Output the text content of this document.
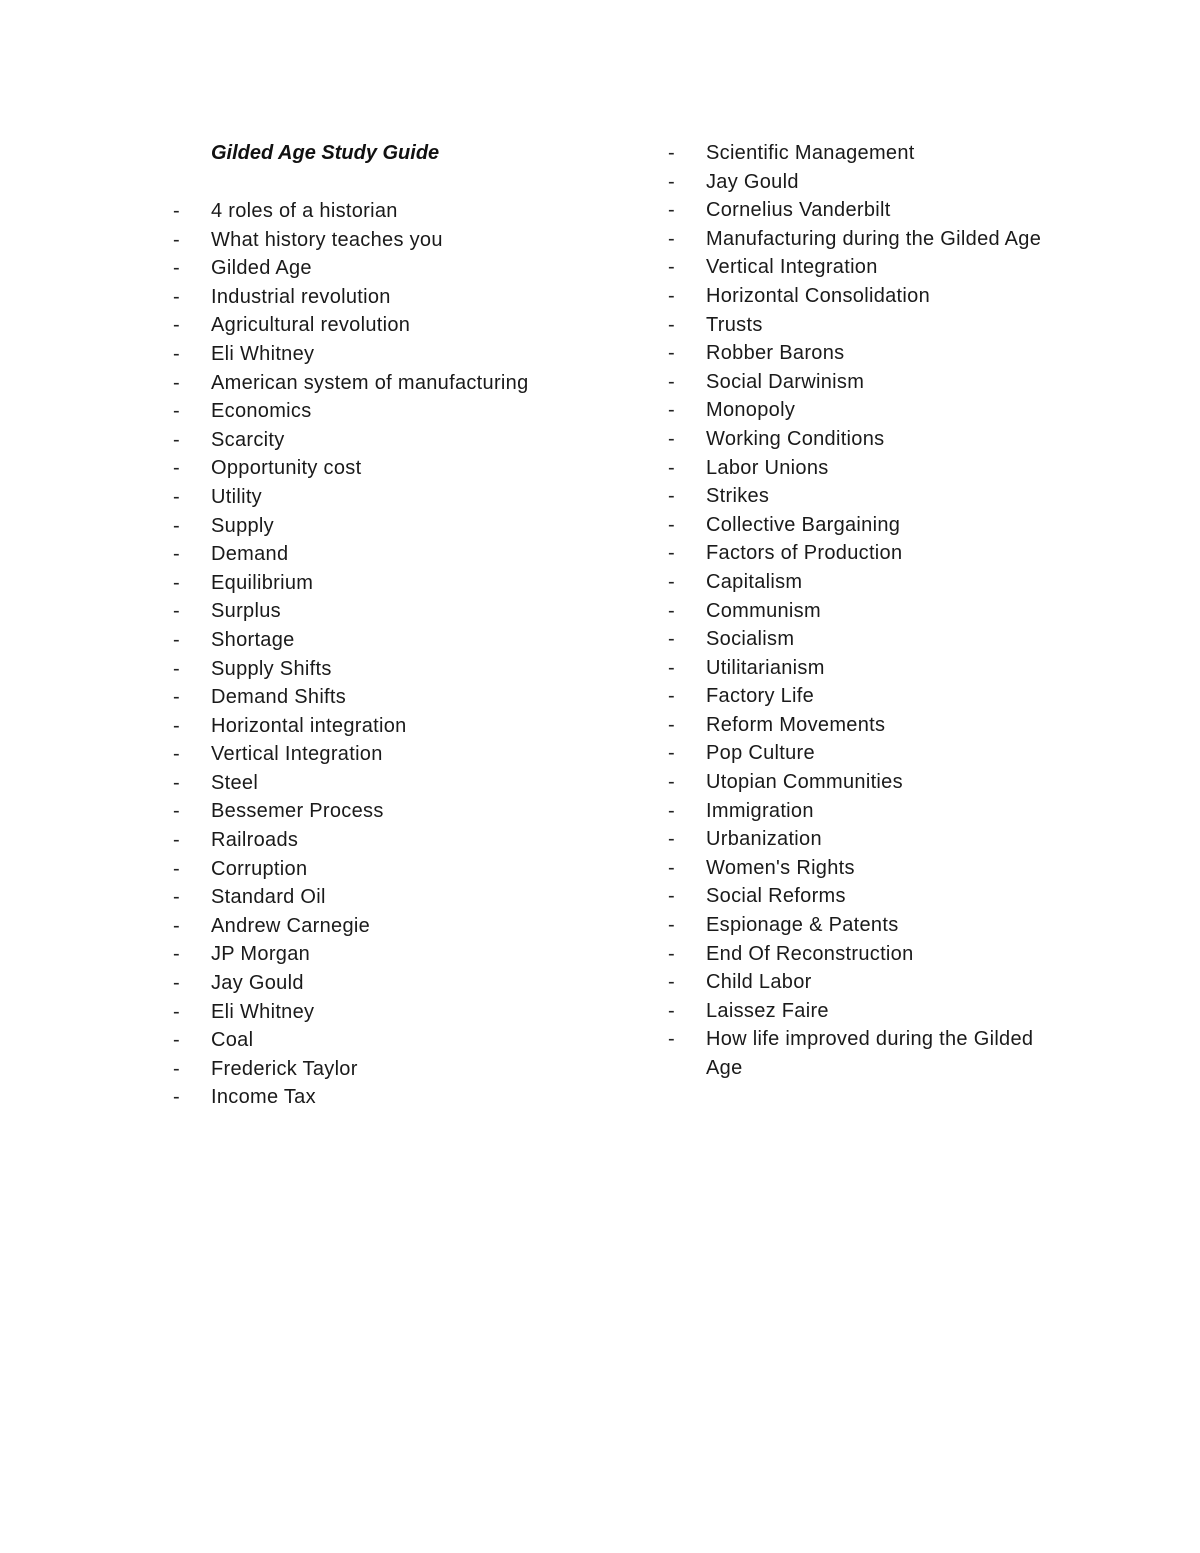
Gilded Age Study Guide
-	4 roles of a historian
-	What history teaches you
-	Gilded Age
-	Industrial revolution
-	Agricultural revolution
-	Eli Whitney
-	American system of manufacturing
-	Economics
-	Scarcity
-	Opportunity cost
-	Utility
-	Supply
-	Demand
-	Equilibrium
-	Surplus
-	Shortage
-	Supply Shifts
-	Demand Shifts
-	Horizontal integration
-	Vertical Integration
-	Steel
-	Bessemer Process
-	Railroads
-	Corruption
-	Standard Oil
-	Andrew Carnegie
-	JP Morgan
-	Jay Gould
-	Eli Whitney
-	Coal
-	Frederick Taylor
-	Income Tax
-	Scientific Management
-	Jay Gould
-	Cornelius Vanderbilt
-	Manufacturing during the Gilded Age
-	Vertical Integration
-	Horizontal Consolidation
-	Trusts
-	Robber Barons
-	Social Darwinism
-	Monopoly
-	Working Conditions
-	Labor Unions
-	Strikes
-	Collective Bargaining
-	Factors of Production
-	Capitalism
-	Communism
-	Socialism
-	Utilitarianism
-	Factory Life
-	Reform Movements
-	Pop Culture
-	Utopian Communities
-	Immigration
-	Urbanization
-	Women's Rights
-	Social Reforms
-	Espionage & Patents
-	End Of Reconstruction
-	Child Labor
-	Laissez Faire
-	How life improved during the Gilded Age
